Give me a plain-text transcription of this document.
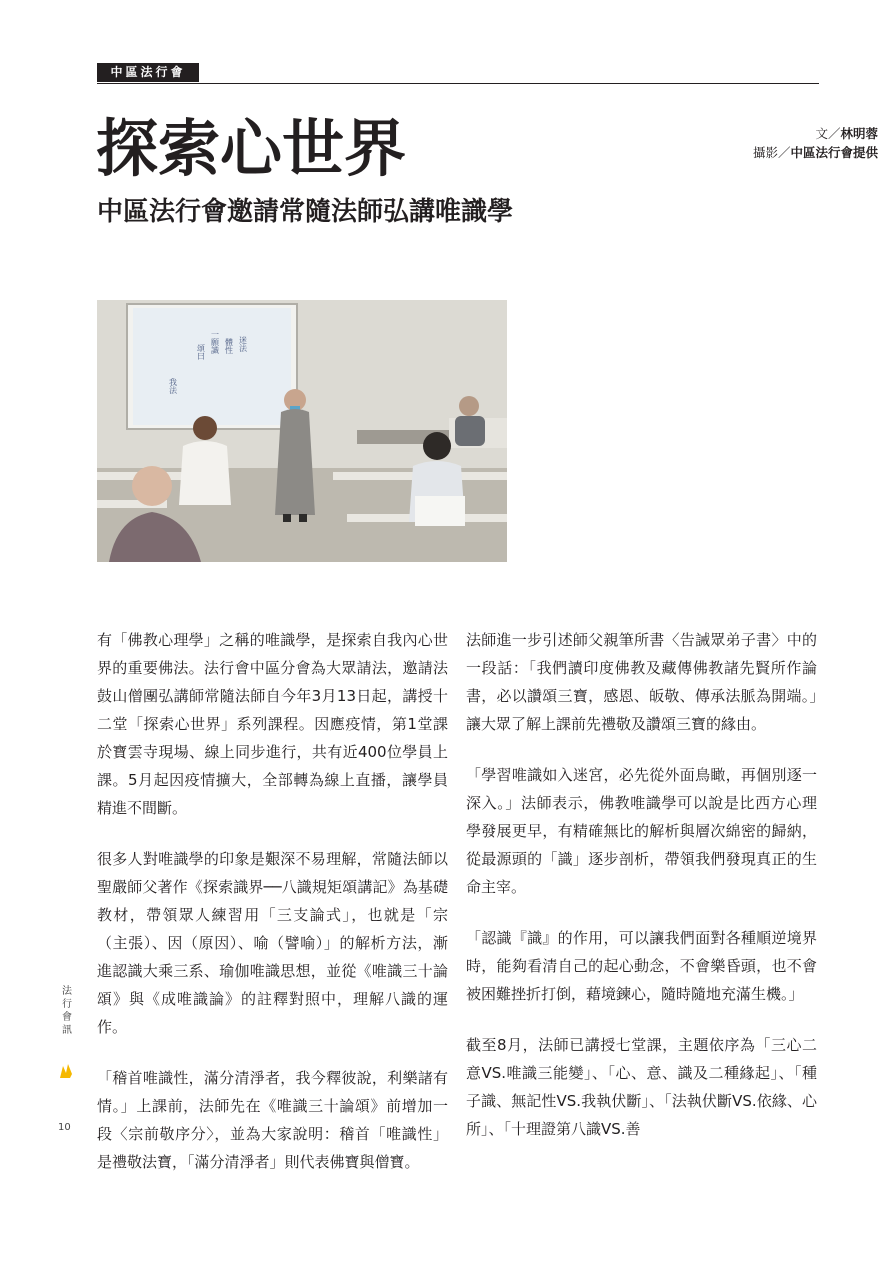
中區法行會
探索心世界
中區法行會邀請常隨法師弘講唯識學
文／林明蓉
攝影／中區法行會提供
頌曰 一願識 體性 迷法
我法

有「佛教心理學」之稱的唯識學，是探索自我內心世界的重要佛法。法行會中區分會為大眾請法，邀請法鼓山僧團弘講師常隨法師自今年3月13日起，講授十二堂「探索心世界」系列課程。因應疫情，第1堂課於寶雲寺現場、線上同步進行，共有近400位學員上課。5月起因疫情擴大，全部轉為線上直播，讓學員精進不間斷。

很多人對唯識學的印象是艱深不易理解，常隨法師以聖嚴師父著作《探索識界──八識規矩頌講記》為基礎教材，帶領眾人練習用「三支論式」，也就是「宗（主張）、因（原因）、喻（譬喻）」的解析方法，漸進認識大乘三系、瑜伽唯識思想，並從《唯識三十論頌》與《成唯識論》的註釋對照中，理解八識的運作。

「稽首唯識性，滿分清淨者，我今釋彼說，利樂諸有情。」上課前，法師先在《唯識三十論頌》前增加一段〈宗前敬序分〉，並為大家說明：稽首「唯識性」是禮敬法寶，「滿分清淨者」則代表佛寶與僧寶。

法師進一步引述師父親筆所書〈告誡眾弟子書〉中的一段話：「我們讀印度佛教及藏傳佛教諸先賢所作論書，必以讚頌三寶，感恩、皈敬、傳承法脈為開端。」讓大眾了解上課前先禮敬及讚頌三寶的緣由。

「學習唯識如入迷宮，必先從外面鳥瞰，再個別逐一深入。」法師表示，佛教唯識學可以說是比西方心理學發展更早，有精確無比的解析與層次綿密的歸納，從最源頭的「識」逐步剖析，帶領我們發現真正的生命主宰。

「認識『識』的作用，可以讓我們面對各種順逆境界時，能夠看清自己的起心動念，不會樂昏頭，也不會被困難挫折打倒，藉境鍊心，隨時隨地充滿生機。」

截至8月，法師已講授七堂課，主題依序為「三心二意VS.唯識三能變」、「心、意、識及二種緣起」、「種子識、無記性VS.我執伏斷」、「法執伏斷VS.依緣、心所」、「十理證第八識VS.善

法行會訊
10
